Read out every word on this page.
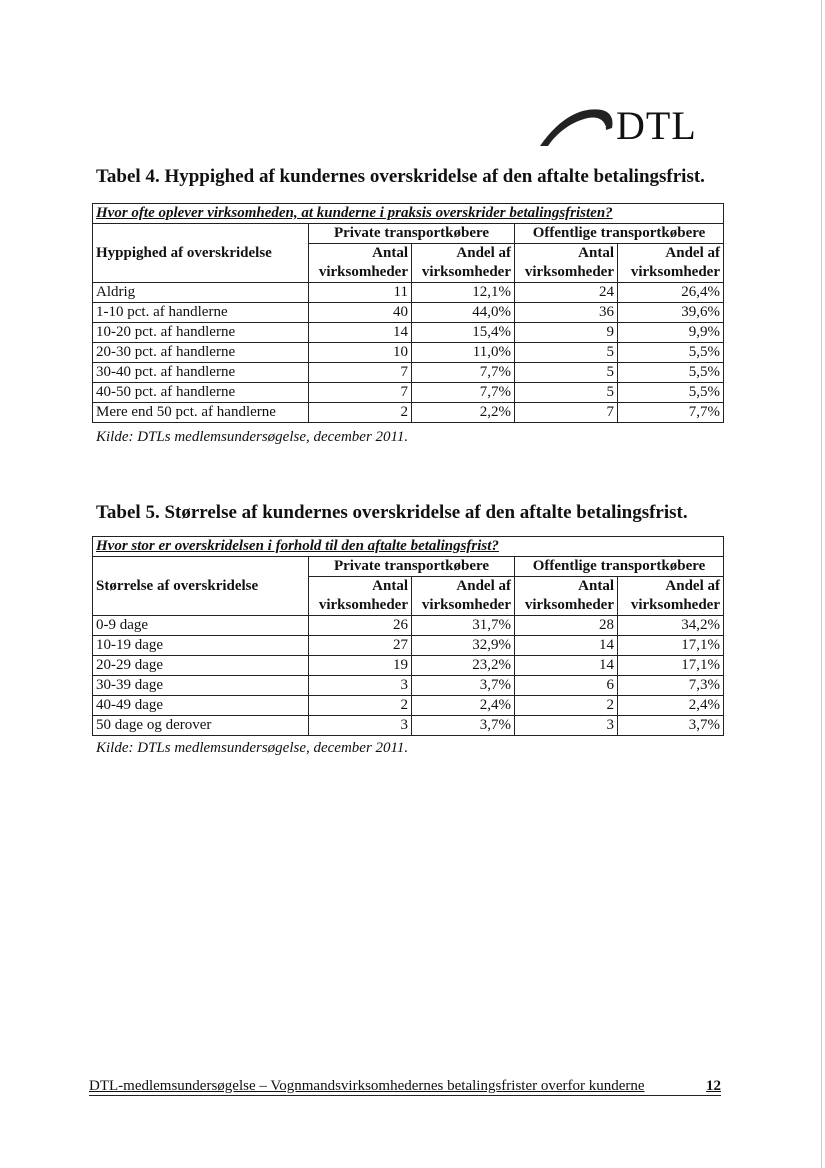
DTL
Tabel 4. Hyppighed af kundernes overskridelse af den aftalte betalingsfrist.
Hvor ofte oplever virksomheden, at kunderne i praksis overskrider betalingsfristen?				
Hyppighed af overskridelse	Private transportkøbere		Offentlige transportkøbere	
	Antal	Andel af	Antal	Andel af
	virksomheder	virksomheder	virksomheder	virksomheder
Aldrig	11	12,1%	24	26,4%
1-10 pct. af handlerne	40	44,0%	36	39,6%
10-20 pct. af handlerne	14	15,4%	9	9,9%
20-30 pct. af handlerne	10	11,0%	5	5,5%
30-40 pct. af handlerne	7	7,7%	5	5,5%
40-50 pct. af handlerne	7	7,7%	5	5,5%
Mere end 50 pct. af handlerne	2	2,2%	7	7,7%

Kilde: DTLs medlemsundersøgelse, december 2011.

Tabel 5. Størrelse af kundernes overskridelse af den aftalte betalingsfrist.
Hvor stor er overskridelsen i forhold til den aftalte betalingsfrist?				
Størrelse af overskridelse	Private transportkøbere		Offentlige transportkøbere	
	Antal	Andel af	Antal	Andel af
	virksomheder	virksomheder	virksomheder	virksomheder
0-9 dage	26	31,7%	28	34,2%
10-19 dage	27	32,9%	14	17,1%
20-29 dage	19	23,2%	14	17,1%
30-39 dage	3	3,7%	6	7,3%
40-49 dage	2	2,4%	2	2,4%
50 dage og derover	3	3,7%	3	3,7%

Kilde: DTLs medlemsundersøgelse, december 2011.

DTL-medlemsundersøgelse – Vognmandsvirksomhedernes betalingsfrister overfor kunderne	12
